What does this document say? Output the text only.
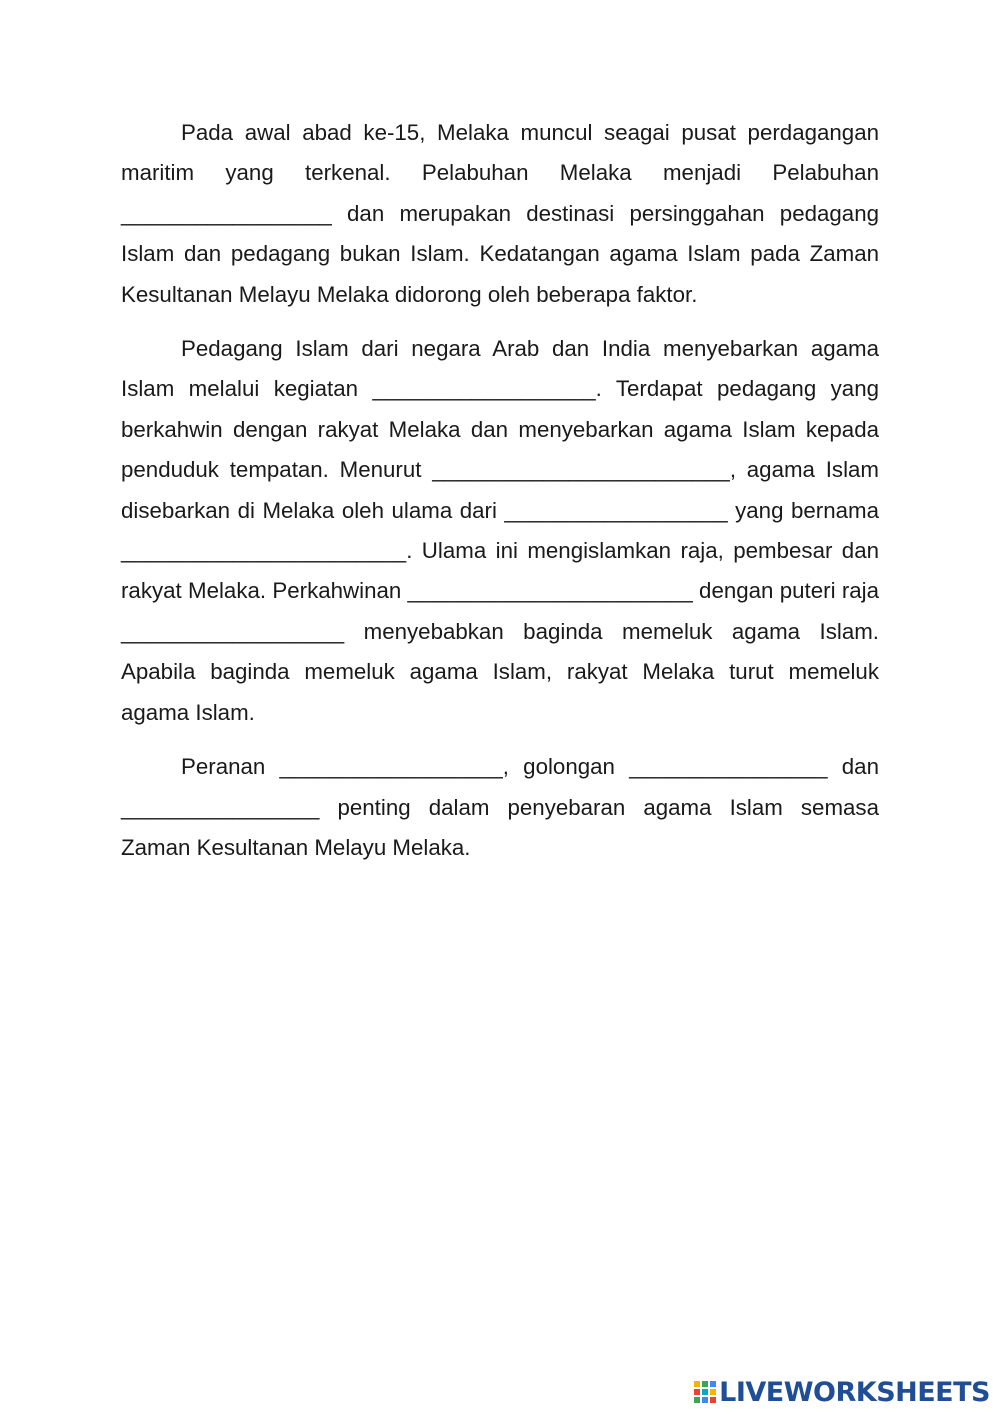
Pada awal abad ke-15, Melaka muncul seagai pusat perdagangan maritim yang terkenal. Pelabuhan Melaka menjadi Pelabuhan _________________ dan merupakan destinasi persinggahan pedagang Islam dan pedagang bukan Islam. Kedatangan agama Islam pada Zaman Kesultanan Melayu Melaka didorong oleh beberapa faktor.

Pedagang Islam dari negara Arab dan India menyebarkan agama Islam melalui kegiatan __________________. Terdapat pedagang yang berkahwin dengan rakyat Melaka dan menyebarkan agama Islam kepada penduduk tempatan. Menurut ________________________, agama Islam disebarkan di Melaka oleh ulama dari __________________ yang bernama _______________________. Ulama ini mengislamkan raja, pembesar dan rakyat Melaka. Perkahwinan _______________________ dengan puteri raja __________________ menyebabkan baginda memeluk agama Islam. Apabila baginda memeluk agama Islam, rakyat Melaka turut memeluk agama Islam.

Peranan __________________, golongan ________________ dan ________________ penting dalam penyebaran agama Islam semasa Zaman Kesultanan Melayu Melaka.

LIVEWORKSHEETS
